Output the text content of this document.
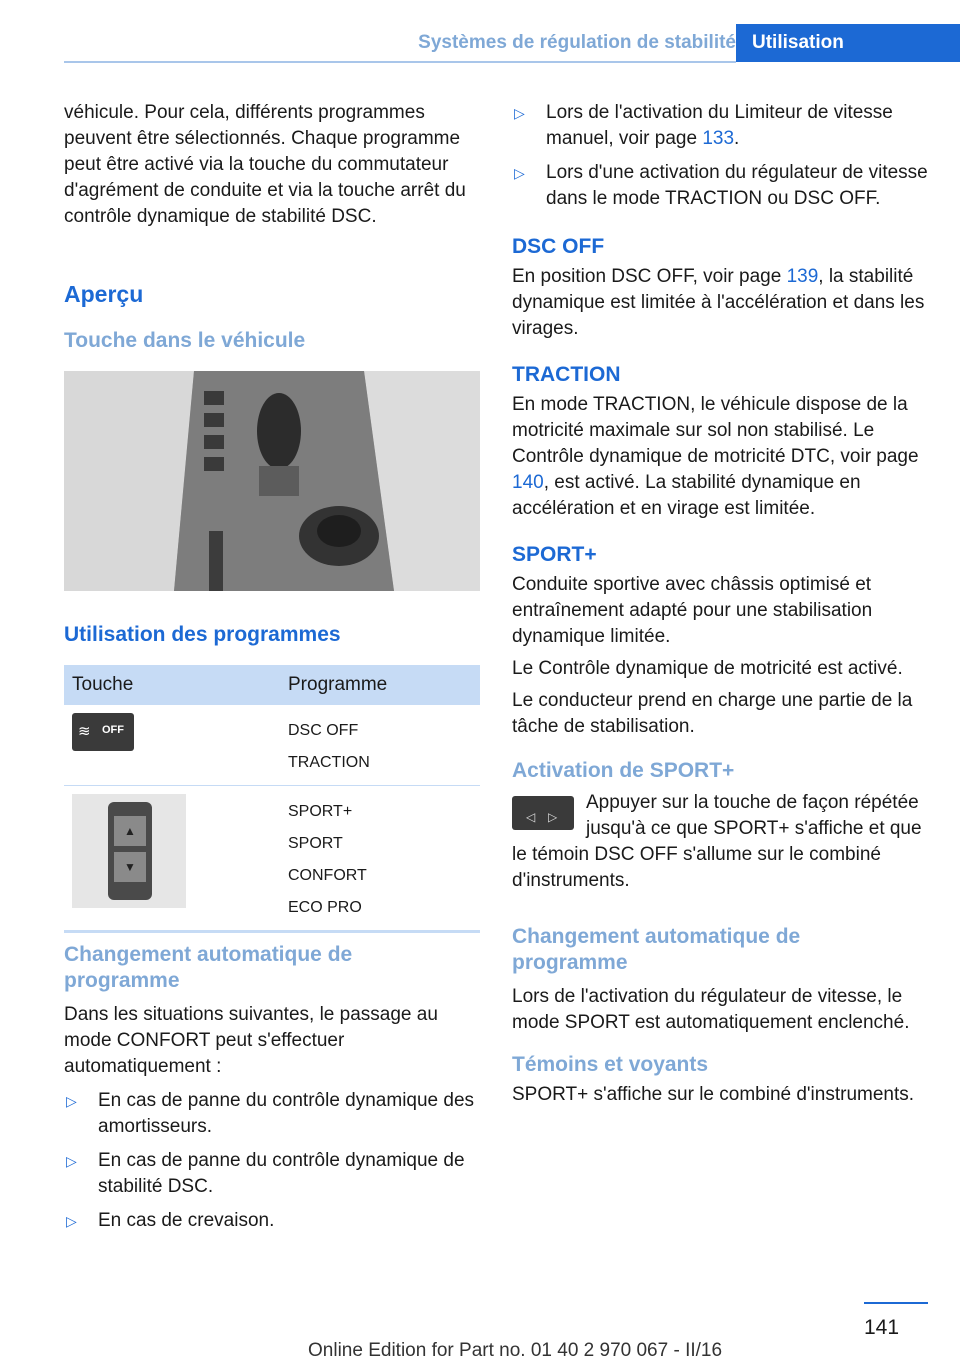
Systèmes de régulation de stabilité Utilisation

véhicule. Pour cela, différents programmes peuvent être sélectionnés. Chaque programme peut être activé via la touche du commutateur d'agrément de conduite et via la touche arrêt du contrôle dynamique de stabilité DSC.

Aperçu
Touche dans le véhicule
Utilisation des programmes
Touche	Programme
≋ OFF	DSC OFF
TRACTION
▲
▼
SPORT+
SPORT
CONFORT
ECO PRO
Changement automatique de programme

Dans les situations suivantes, le passage au mode CONFORT peut s'effectuer automatiquement :

▷ En cas de panne du contrôle dynamique des amortisseurs.
▷ En cas de panne du contrôle dynamique de stabilité DSC.
▷ En cas de crevaison.
▷ Lors de l'activation du Limiteur de vitesse manuel, voir page 133.
▷ Lors d'une activation du régulateur de vitesse dans le mode TRACTION ou DSC OFF.
DSC OFF

En position DSC OFF, voir page 139, la stabilité dynamique est limitée à l'accélération et dans les virages.

TRACTION

En mode TRACTION, le véhicule dispose de la motricité maximale sur sol non stabilisé. Le Contrôle dynamique de motricité DTC, voir page 140, est activé. La stabilité dynamique en accélération et en virage est limitée.

SPORT+

Conduite sportive avec châssis optimisé et entraînement adapté pour une stabilisation dynamique limitée.

Le Contrôle dynamique de motricité est activé.

Le conducteur prend en charge une partie de la tâche de stabilisation.

Activation de SPORT+
◁ ▷

Appuyer sur la touche de façon répétée jusqu'à ce que SPORT+ s'affiche et que le témoin DSC OFF s'allume sur le combiné d'instruments.

Changement automatique de programme

Lors de l'activation du régulateur de vitesse, le mode SPORT est automatiquement enclenché.

Témoins et voyants

SPORT+ s'affiche sur le combiné d'instruments.

141
Online Edition for Part no. 01 40 2 970 067 - II/16
